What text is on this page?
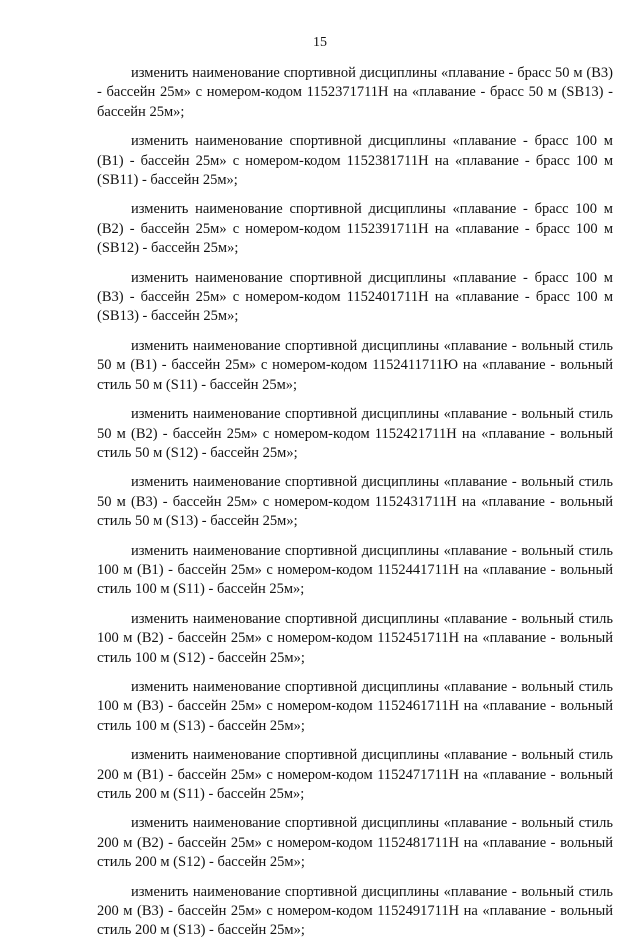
15

изменить наименование спортивной дисциплины «плавание - брасс 50 м (В3) - бассейн 25м» с номером-кодом 1152371711Н на «плавание - брасс 50 м (SB13) - бассейн 25м»;

изменить наименование спортивной дисциплины «плавание - брасс 100 м (В1) - бассейн 25м» с номером-кодом 1152381711Н на «плавание - брасс 100 м (SB11) - бассейн 25м»;

изменить наименование спортивной дисциплины «плавание - брасс 100 м (В2) - бассейн 25м» с номером-кодом 1152391711Н на «плавание - брасс 100 м (SB12) - бассейн 25м»;

изменить наименование спортивной дисциплины «плавание - брасс 100 м (В3) - бассейн 25м» с номером-кодом 1152401711Н на «плавание - брасс 100 м (SB13) - бассейн 25м»;

изменить наименование спортивной дисциплины «плавание - вольный стиль 50 м (В1) - бассейн 25м» с номером-кодом 1152411711Ю на «плавание - вольный стиль 50 м (S11) - бассейн 25м»;

изменить наименование спортивной дисциплины «плавание - вольный стиль 50 м (В2) - бассейн 25м» с номером-кодом 1152421711Н на «плавание - вольный стиль 50 м (S12) - бассейн 25м»;

изменить наименование спортивной дисциплины «плавание - вольный стиль 50 м (В3) - бассейн 25м» с номером-кодом 1152431711Н на «плавание - вольный стиль 50 м (S13) - бассейн 25м»;

изменить наименование спортивной дисциплины «плавание - вольный стиль 100 м (В1) - бассейн 25м» с номером-кодом 1152441711Н на «плавание - вольный стиль 100 м (S11) - бассейн 25м»;

изменить наименование спортивной дисциплины «плавание - вольный стиль 100 м (В2) - бассейн 25м» с номером-кодом 1152451711Н на «плавание - вольный стиль 100 м (S12) - бассейн 25м»;

изменить наименование спортивной дисциплины «плавание - вольный стиль 100 м (В3) - бассейн 25м» с номером-кодом 1152461711Н на «плавание - вольный стиль 100 м (S13) - бассейн 25м»;

изменить наименование спортивной дисциплины «плавание - вольный стиль 200 м (В1) - бассейн 25м» с номером-кодом 1152471711Н на «плавание - вольный стиль 200 м (S11) - бассейн 25м»;

изменить наименование спортивной дисциплины «плавание - вольный стиль 200 м (В2) - бассейн 25м» с номером-кодом 1152481711Н на «плавание - вольный стиль 200 м (S12) - бассейн 25м»;

изменить наименование спортивной дисциплины «плавание - вольный стиль 200 м (В3) - бассейн 25м» с номером-кодом 1152491711Н на «плавание - вольный стиль 200 м (S13) - бассейн 25м»;
